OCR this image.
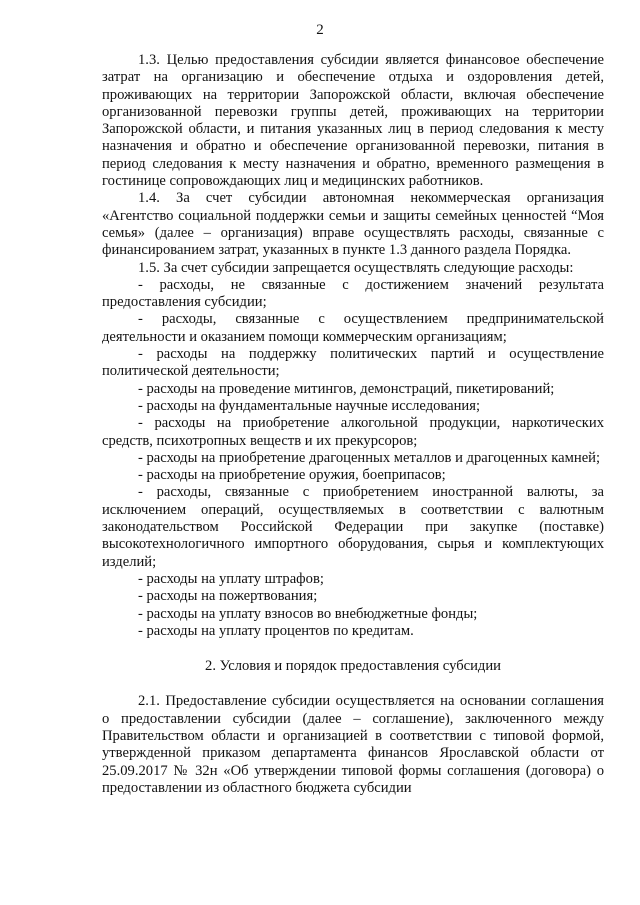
2

1.3. Целью предоставления субсидии является финансовое обеспечение затрат на организацию и обеспечение отдыха и оздоровления детей, проживающих на территории Запорожской области, включая обеспечение организованной перевозки группы детей, проживающих на территории Запорожской области, и питания указанных лиц в период следования к месту назначения и обратно и обеспечение организованной перевозки, питания в период следования к месту назначения и обратно, временного размещения в гостинице сопровождающих лиц и медицинских работников.

1.4. За счет субсидии автономная некоммерческая организация «Агентство социальной поддержки семьи и защиты семейных ценностей “Моя семья» (далее – организация) вправе осуществлять расходы, связанные с финансированием затрат, указанных в пункте 1.3 данного раздела Порядка.

1.5. За счет субсидии запрещается осуществлять следующие расходы:

- расходы, не связанные с достижением значений результата предоставления субсидии;

- расходы, связанные с осуществлением предпринимательской деятельности и оказанием помощи коммерческим организациям;

- расходы на поддержку политических партий и осуществление политической деятельности;

- расходы на проведение митингов, демонстраций, пикетирований;

- расходы на фундаментальные научные исследования;

- расходы на приобретение алкогольной продукции, наркотических средств, психотропных веществ и их прекурсоров;

- расходы на приобретение драгоценных металлов и драгоценных камней;

- расходы на приобретение оружия, боеприпасов;

- расходы, связанные с приобретением иностранной валюты, за исключением операций, осуществляемых в соответствии с валютным законодательством Российской Федерации при закупке (поставке) высокотехнологичного импортного оборудования, сырья и комплектующих изделий;

- расходы на уплату штрафов;

- расходы на пожертвования;

- расходы на уплату взносов во внебюджетные фонды;

- расходы на уплату процентов по кредитам.

2. Условия и порядок предоставления субсидии

2.1. Предоставление субсидии осуществляется на основании соглашения о предоставлении субсидии (далее – соглашение), заключенного между Правительством области и организацией в соответствии с типовой формой, утвержденной приказом департамента финансов Ярославской области от 25.09.2017 № 32н «Об утверждении типовой формы соглашения (договора) о предоставлении из областного бюджета субсидии
